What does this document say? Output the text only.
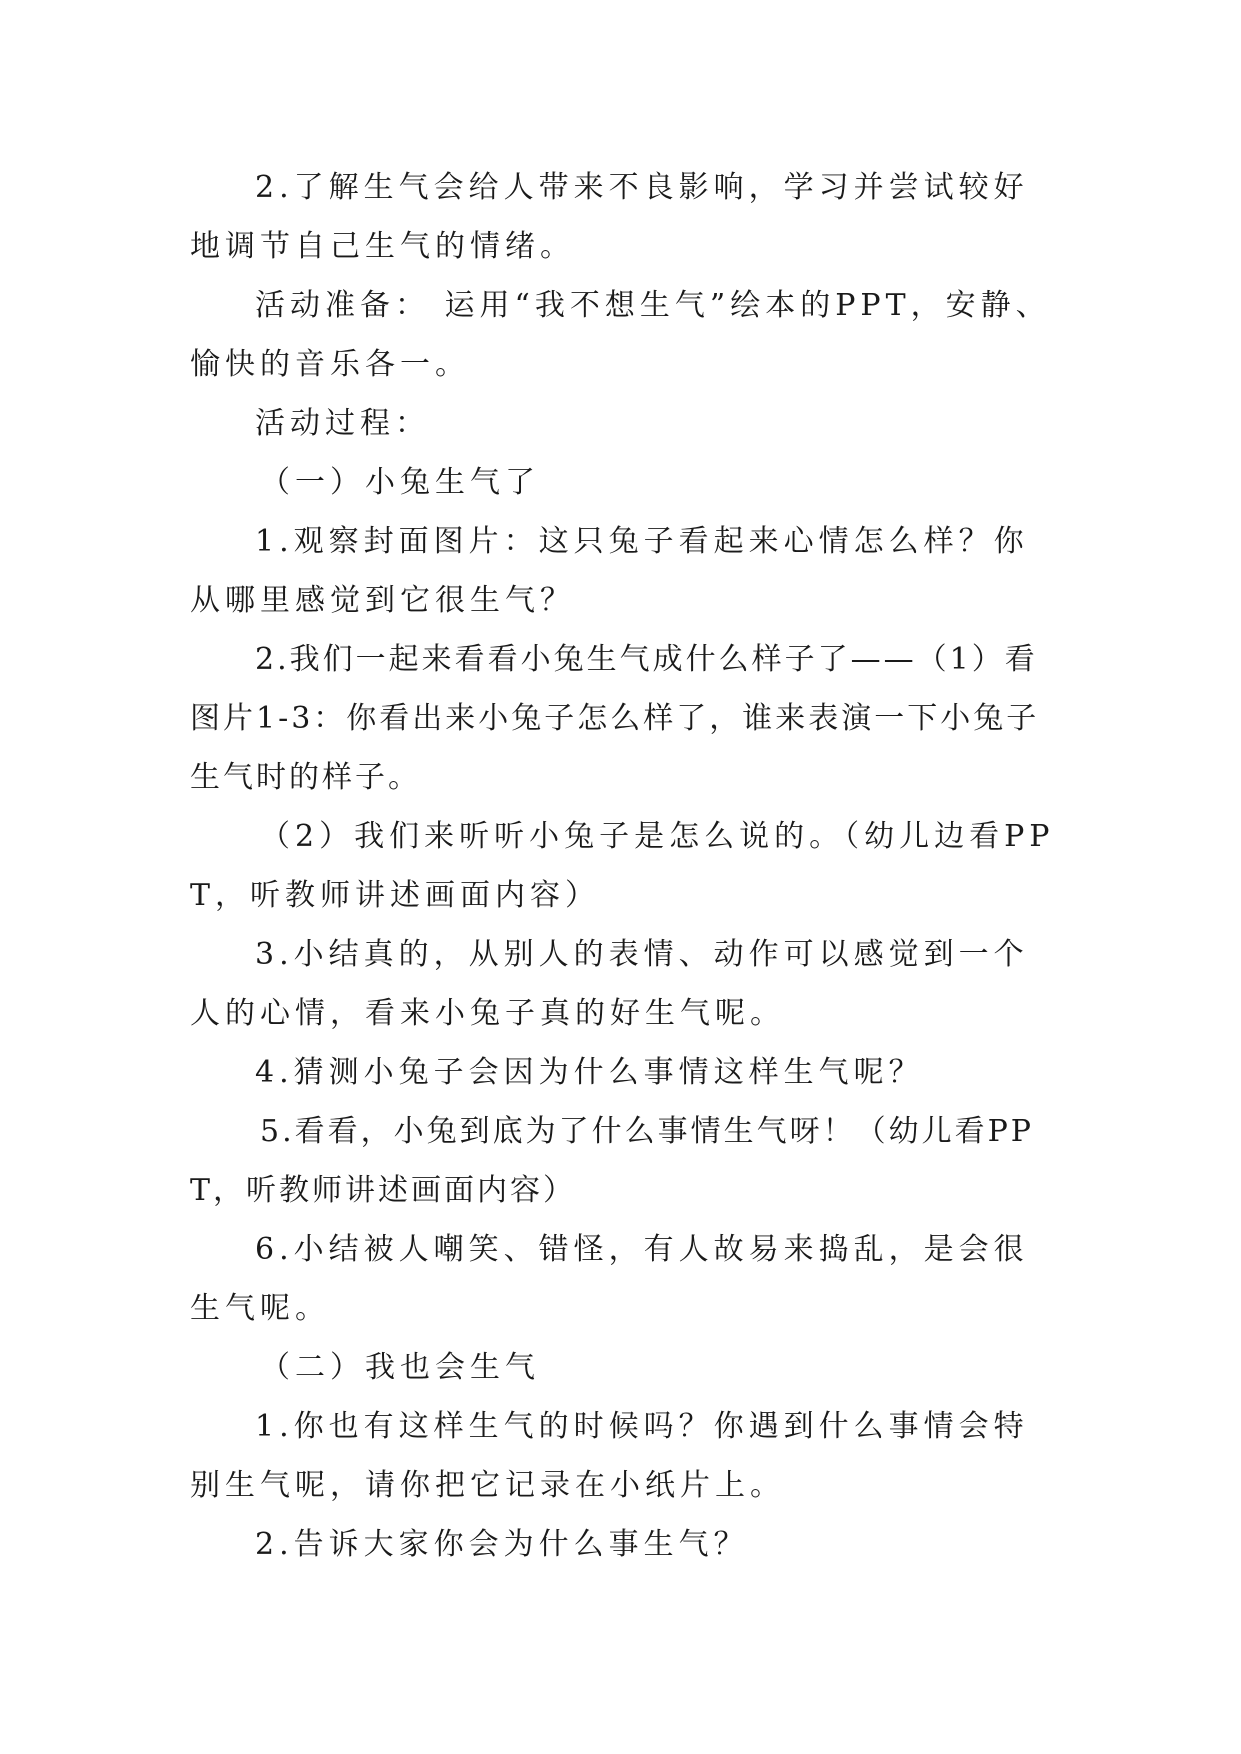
2.了解生气会给人带来不良影响，学习并尝试较好地调节自己生气的情绪。

活动准备： 运用“我不想生气”绘本的PPT，安静、愉快的音乐各一。

活动过程：

（一）小兔生气了

1.观察封面图片：这只兔子看起来心情怎么样？你从哪里感觉到它很生气？

2.我们一起来看看小兔生气成什么样子了——（1）看图片1-3：你看出来小兔子怎么样了，谁来表演一下小兔子生气时的样子。

（2）我们来听听小兔子是怎么说的。（幼儿边看PPT，听教师讲述画面内容）

3.小结真的，从别人的表情、动作可以感觉到一个人的心情，看来小兔子真的好生气呢。

4.猜测小兔子会因为什么事情这样生气呢？

5.看看，小兔到底为了什么事情生气呀！（幼儿看PPT，听教师讲述画面内容）

6.小结被人嘲笑、错怪，有人故易来捣乱，是会很生气呢。

（二）我也会生气

1.你也有这样生气的时候吗？你遇到什么事情会特别生气呢，请你把它记录在小纸片上。

2.告诉大家你会为什么事生气？
